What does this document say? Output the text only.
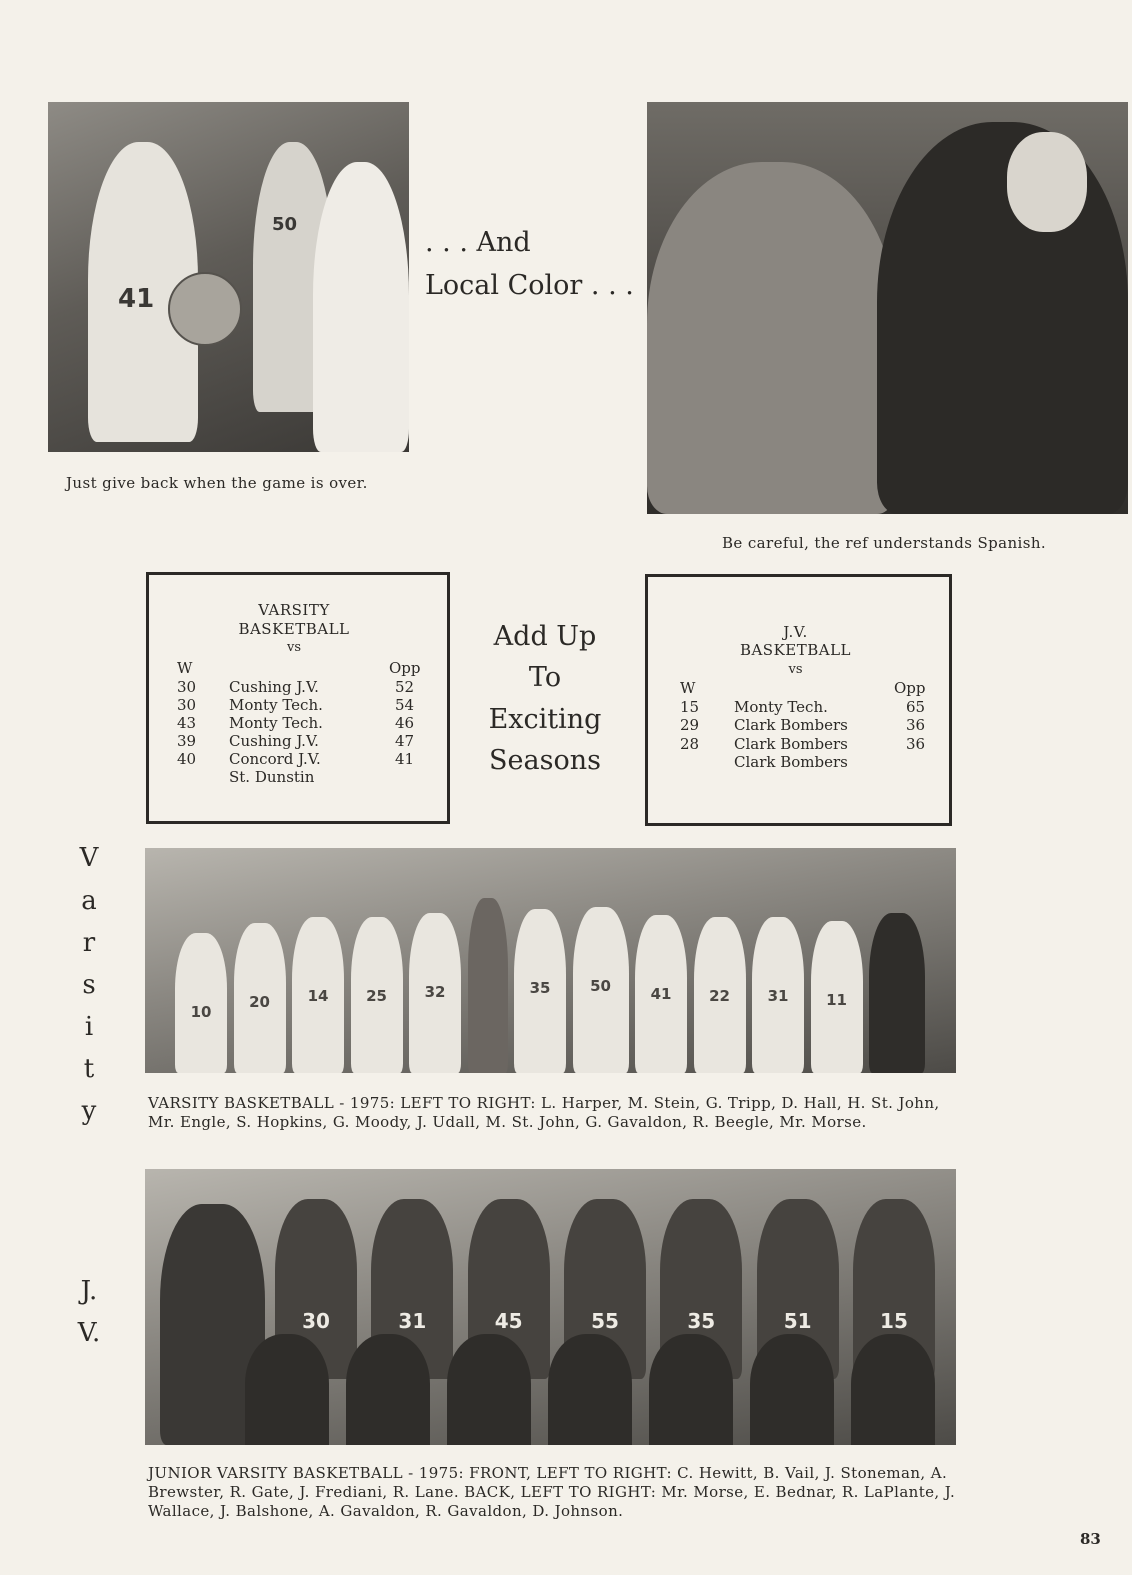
41
50
Just give back when the game is over.
. . . And
Local Color . . .
Be careful, the ref understands Spanish.
VARSITY
BASKETBALL
vs
W	Opp
30 Cushing J.V.	52
30 Monty Tech.	54
43 Monty Tech.	46
39 Cushing J.V.	47
40 Concord J.V.	41
St. Dunstin
Add Up
To
Exciting
Seasons
J.V.
BASKETBALL
vs
W	Opp
15 Monty Tech.	65
29 Clark Bombers	36
28 Clark Bombers	36
Clark Bombers
V
a
r
s
i
t
y
10
20	14	25	32	35	50	41	22	31	11
VARSITY BASKETBALL - 1975: LEFT TO RIGHT: L. Harper, M. Stein, G. Tripp, D. Hall, H. St. John, Mr. Engle, S. Hopkins, G. Moody, J. Udall, M. St. John, G. Gavaldon, R. Beegle, Mr. Morse.
J.
V.	30	31	45	55	35	51	15
JUNIOR VARSITY BASKETBALL - 1975: FRONT, LEFT TO RIGHT: C. Hewitt, B. Vail, J. Stoneman, A. Brewster, R. Gate, J. Frediani, R. Lane. BACK, LEFT TO RIGHT: Mr. Morse, E. Bednar, R. LaPlante, J. Wallace, J. Balshone, A. Gavaldon, R. Gavaldon, D. Johnson.
83
